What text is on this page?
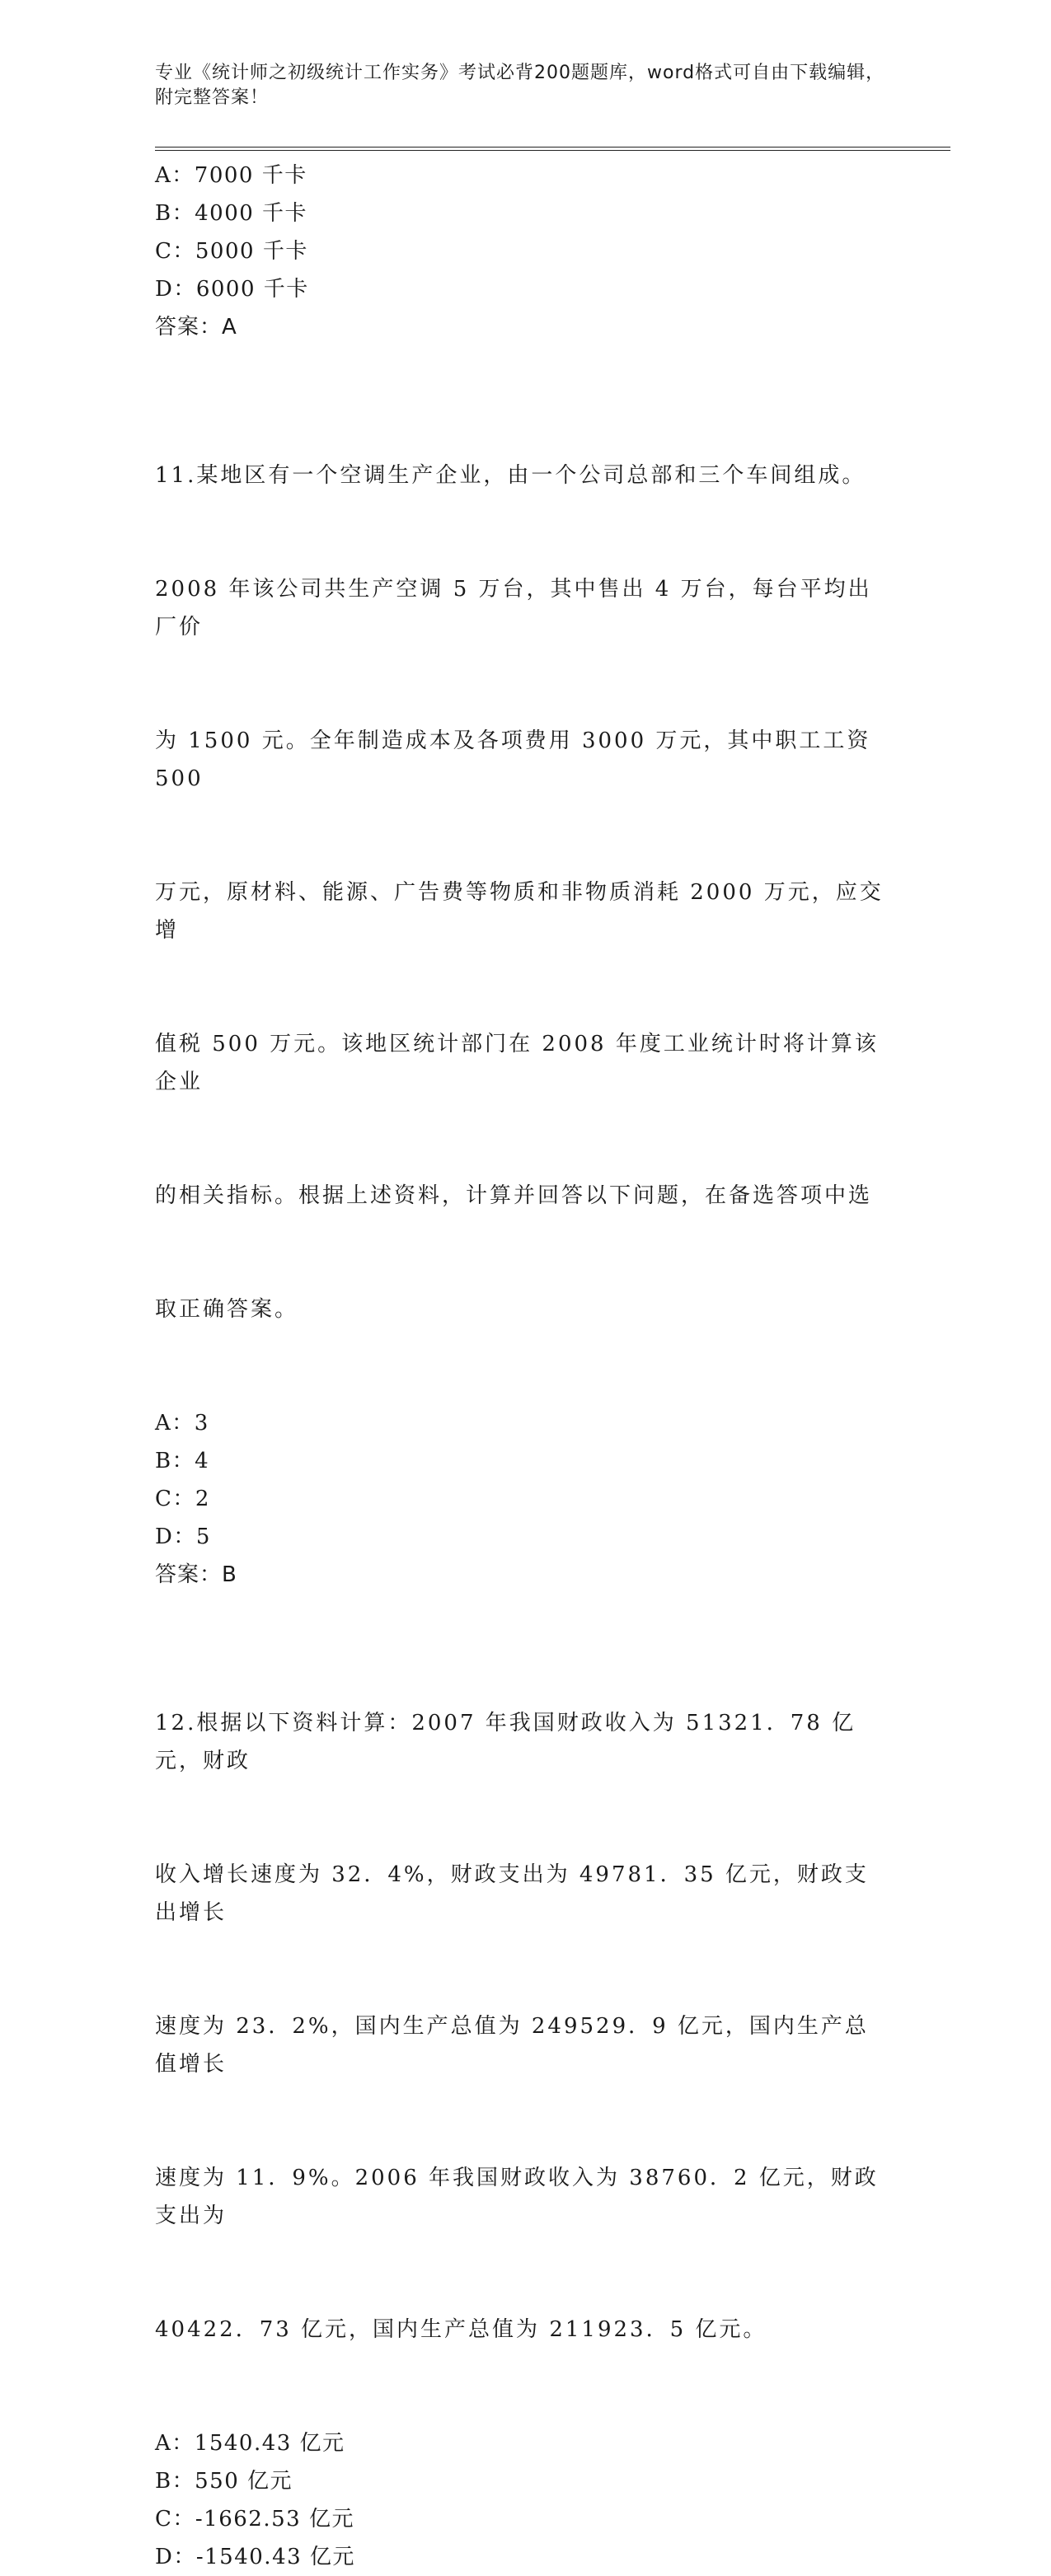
专业《统计师之初级统计工作实务》考试必背200题题库，word格式可自由下载编辑，附完整答案！
A：7000 千卡
B：4000 千卡
C：5000 千卡
D：6000 千卡
答案：A

11.某地区有一个空调生产企业，由一个公司总部和三个车间组成。

2008 年该公司共生产空调 5 万台，其中售出 4 万台，每台平均出厂价

为 1500 元。全年制造成本及各项费用 3000 万元，其中职工工资 500

万元，原材料、能源、广告费等物质和非物质消耗 2000 万元，应交增

值税 500 万元。该地区统计部门在 2008 年度工业统计时将计算该企业

的相关指标。根据上述资料，计算并回答以下问题，在备选答项中选

取正确答案。

A：3
B：4
C：2
D：5
答案：B

12.根据以下资料计算：2007 年我国财政收入为 51321．78 亿元，财政

收入增长速度为 32．4%，财政支出为 49781．35 亿元，财政支出增长

速度为 23．2%，国内生产总值为 249529．9 亿元，国内生产总值增长

速度为 11．9%。2006 年我国财政收入为 38760．2 亿元，财政支出为

40422．73 亿元，国内生产总值为 211923．5 亿元。

A：1540.43 亿元
B：550 亿元
C：-1662.53 亿元
D：-1540.43 亿元
